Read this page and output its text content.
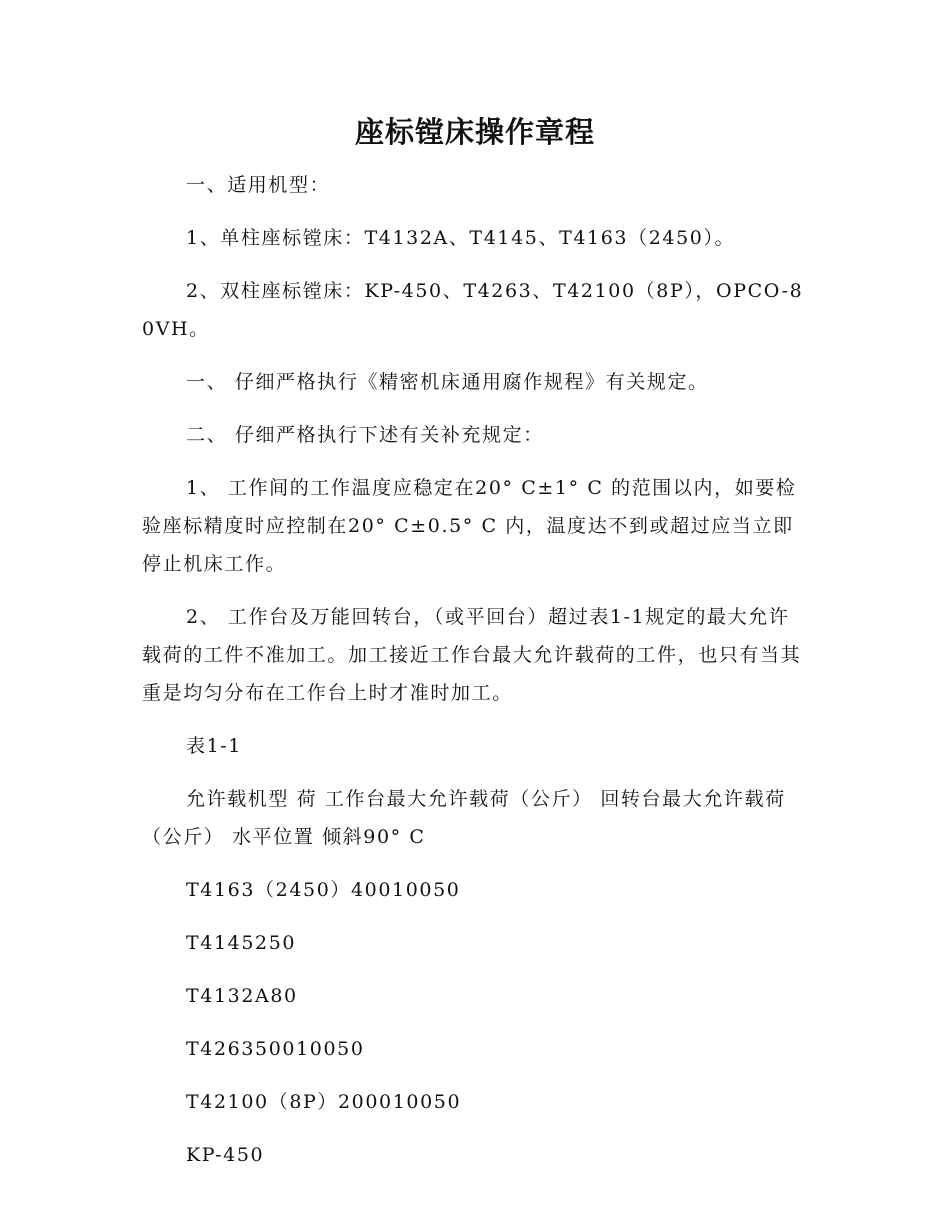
座标镗床操作章程

一、适用机型：

1、单柱座标镗床：T4132A、T4145、T4163（2450）。

2、双柱座标镗床：KP-450、T4263、T42100（8P），OPCO-80VH。

一、 仔细严格执行《精密机床通用腐作规程》有关规定。

二、 仔细严格执行下述有关补充规定：

1、 工作间的工作温度应稳定在20° C±1° C 的范围以内，如要检验座标精度时应控制在20° C±0.5° C 内，温度达不到或超过应当立即停止机床工作。

2、 工作台及万能回转台，（或平回台）超过表1-1规定的最大允许载荷的工件不准加工。加工接近工作台最大允许载荷的工件，也只有当其重是均匀分布在工作台上时才准时加工。

表1-1

允许载机型 荷 工作台最大允许载荷（公斤） 回转台最大允许载荷（公斤） 水平位置 倾斜90° C

T4163（2450）40010050

T4145250

T4132A80

T426350010050

T42100（8P）200010050

KP-450
